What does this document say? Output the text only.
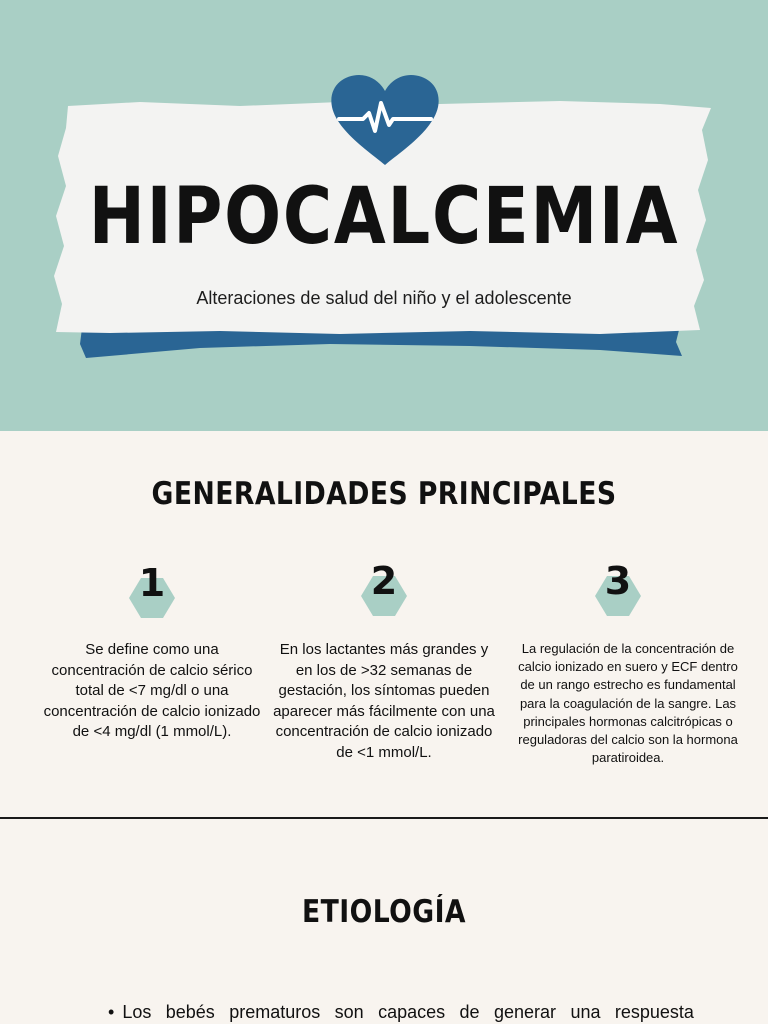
HIPOCALCEMIA
Alteraciones de salud del niño y el adolescente
GENERALIDADES PRINCIPALES
1	2	3

Se define como una concentración de calcio sérico total de <7 mg/dl o una concentración de calcio ionizado de <4 mg/dl (1 mmol/L).

En los lactantes más grandes y en los de >32 semanas de gestación, los síntomas pueden aparecer más fácilmente con una concentración de calcio ionizado de <1 mmol/L.

La regulación de la concentración de calcio ionizado en suero y ECF dentro de un rango estrecho es fundamental para la coagulación de la sangre. Las principales hormonas calcitrópicas o reguladoras del calcio son la hormona paratiroidea.

ETIOLOGÍA
• Los bebés prematuros son capaces de generar una respuesta
